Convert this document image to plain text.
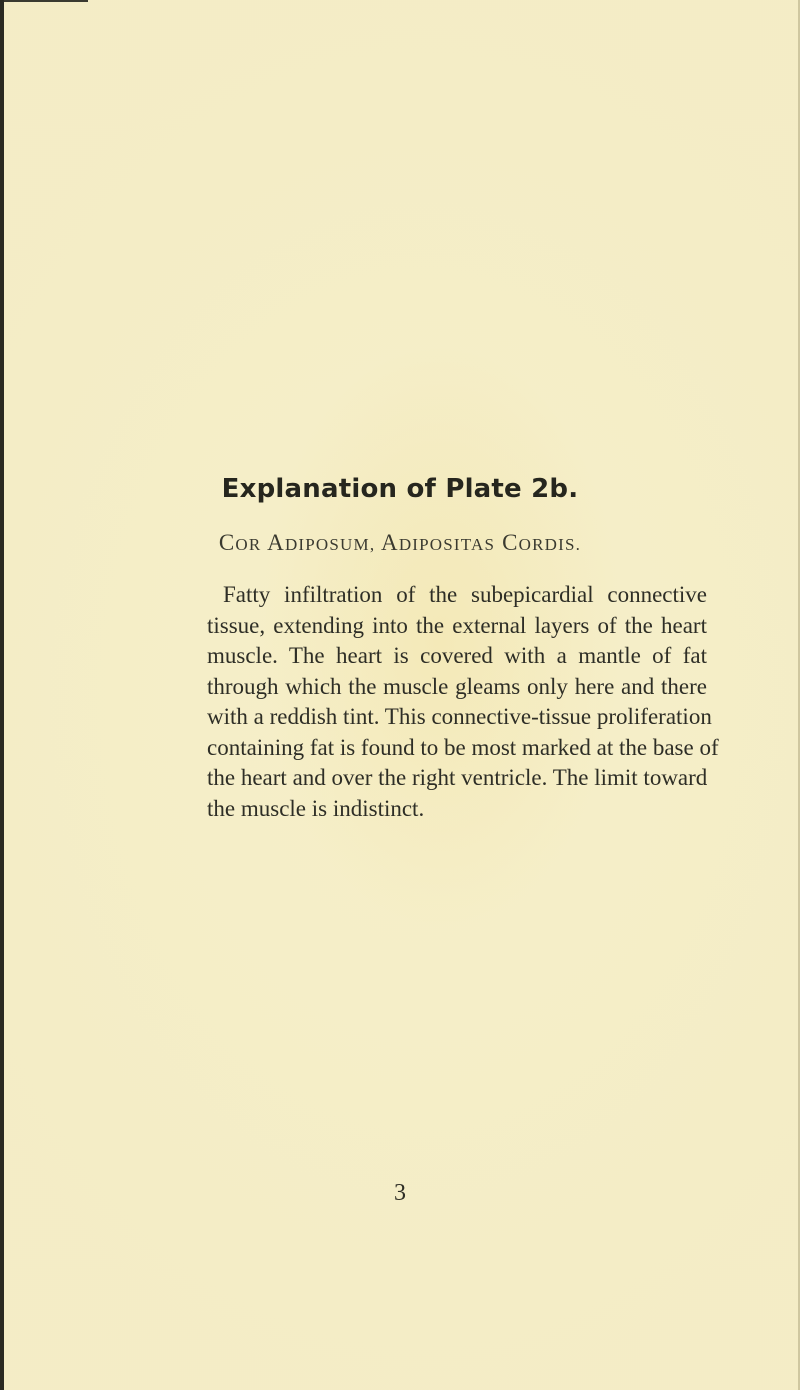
Explanation of Plate 2b.

COR ADIPOSUM, ADIPOSITAS CORDIS.

Fatty infiltration of the subepicardial connective
tissue, extending into the external layers of the heart
muscle. The heart is covered with a mantle of fat
through which the muscle gleams only here and there
with a reddish tint. This connective-tissue proliferation
containing fat is found to be most marked at the base of
the heart and over the right ventricle. The limit toward
the muscle is indistinct.
3
